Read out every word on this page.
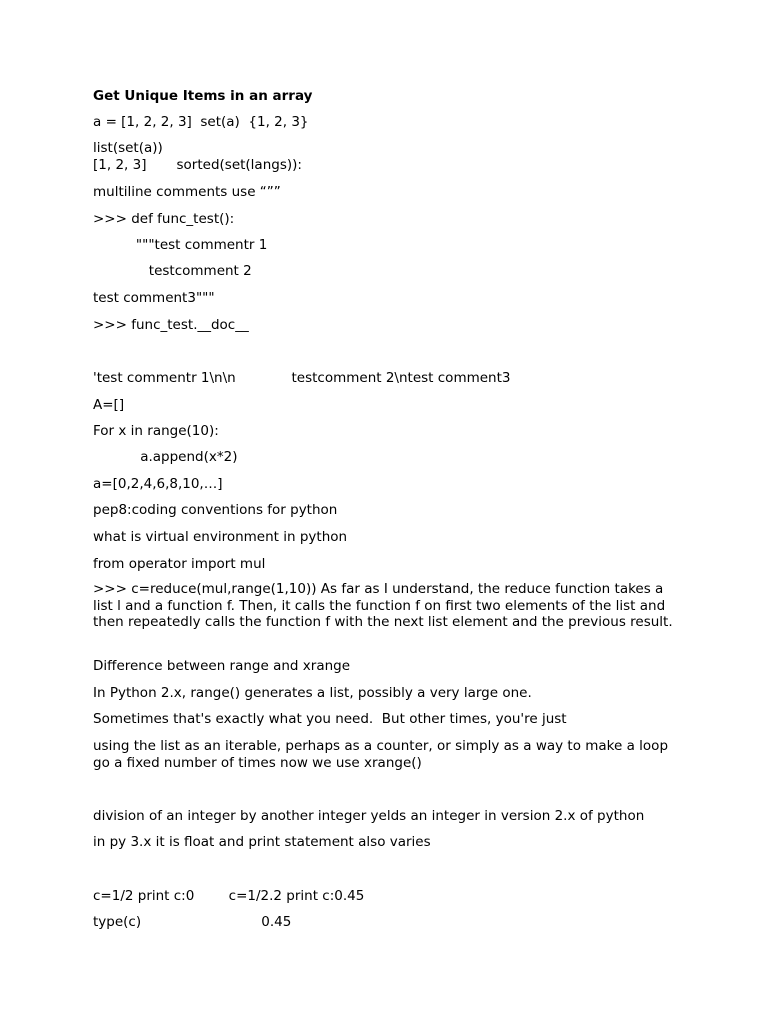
Get Unique Items in an array
a = [1, 2, 2, 3]  set(a)  {1, 2, 3}
list(set(a))
[1, 2, 3]       sorted(set(langs)):
multiline comments use “””
>>> def func_test():
"""test commentr 1
testcomment 2
test comment3"""
>>> func_test.__doc__
'test commentr 1\n\n             testcomment 2\ntest comment3
A=[]
For x in range(10):
a.append(x*2)
a=[0,2,4,6,8,10,…]
pep8:coding conventions for python
what is virtual environment in python
from operator import mul
>>> c=reduce(mul,range(1,10)) As far as I understand, the reduce function takes a list l and a function f. Then, it calls the function f on first two elements of the list and then repeatedly calls the function f with the next list element and the previous result.
Difference between range and xrange
In Python 2.x, range() generates a list, possibly a very large one.
Sometimes that's exactly what you need.  But other times, you're just
using the list as an iterable, perhaps as a counter, or simply as a way to make a loop go a fixed number of times now we use xrange()
division of an integer by another integer yelds an integer in version 2.x of python
in py 3.x it is float and print statement also varies
c=1/2 print c:0        c=1/2.2 print c:0.45
type(c)                            0.45
